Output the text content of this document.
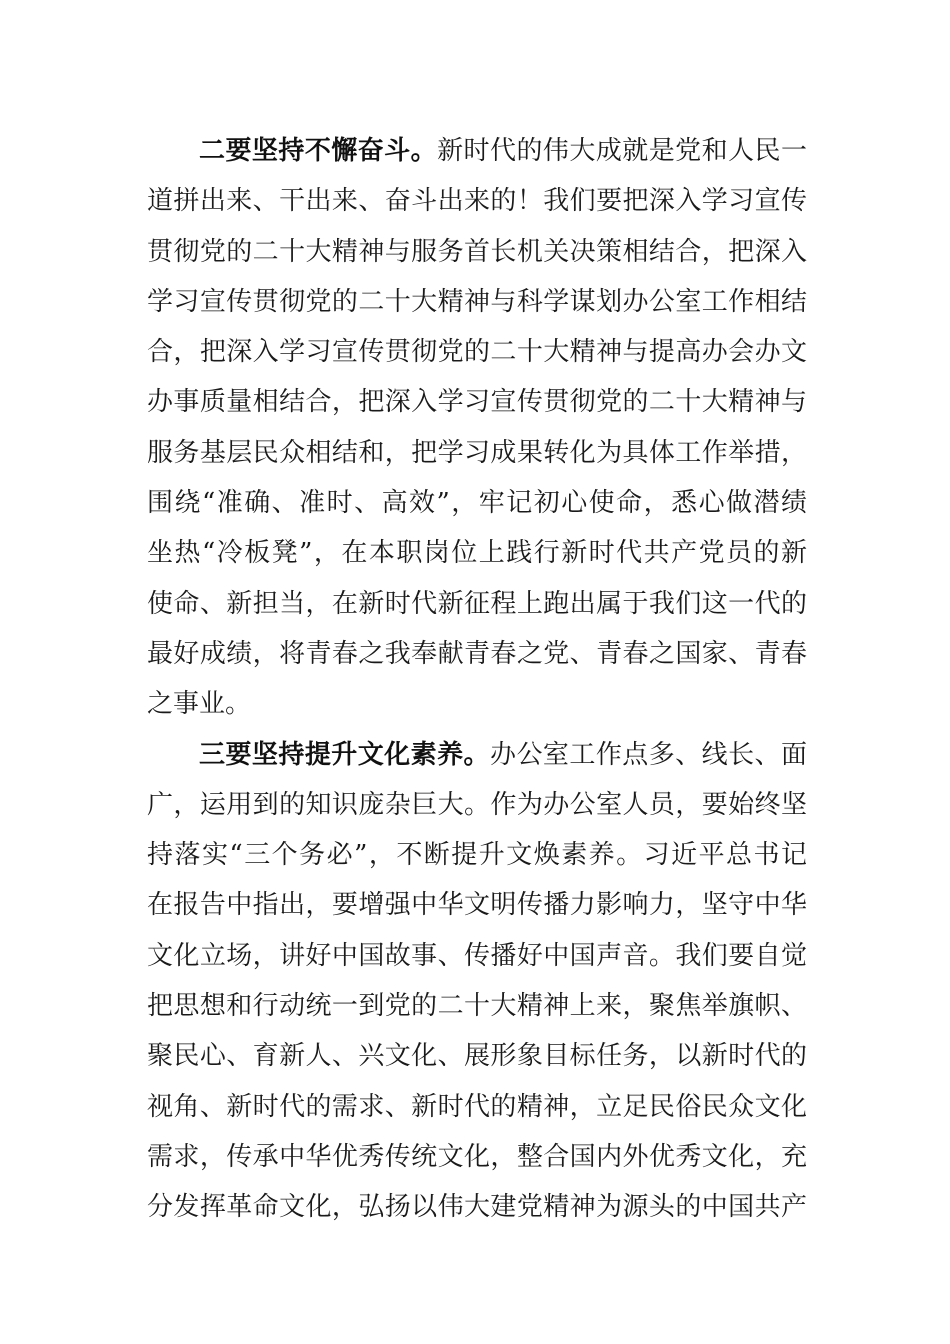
二要坚持不懈奋斗。新时代的伟大成就是党和人民一
道拼出来、干出来、奋斗出来的！我们要把深入学习宣传
贯彻党的二十大精神与服务首长机关决策相结合，把深入
学习宣传贯彻党的二十大精神与科学谋划办公室工作相结
合，把深入学习宣传贯彻党的二十大精神与提高办会办文
办事质量相结合，把深入学习宣传贯彻党的二十大精神与
服务基层民众相结和，把学习成果转化为具体工作举措，
围绕“准确、准时、高效”，牢记初心使命，悉心做潜绩
坐热“冷板凳”，在本职岗位上践行新时代共产党员的新
使命、新担当，在新时代新征程上跑出属于我们这一代的
最好成绩，将青春之我奉献青春之党、青春之国家、青春
之事业。
三要坚持提升文化素养。办公室工作点多、线长、面
广，运用到的知识庞杂巨大。作为办公室人员，要始终坚
持落实“三个务必”，不断提升文焕素养。习近平总书记
在报告中指出，要增强中华文明传播力影响力，坚守中华
文化立场，讲好中国故事、传播好中国声音。我们要自觉
把思想和行动统一到党的二十大精神上来，聚焦举旗帜、
聚民心、育新人、兴文化、展形象目标任务，以新时代的
视角、新时代的需求、新时代的精神，立足民俗民众文化
需求，传承中华优秀传统文化，整合国内外优秀文化，充
分发挥革命文化，弘扬以伟大建党精神为源头的中国共产
